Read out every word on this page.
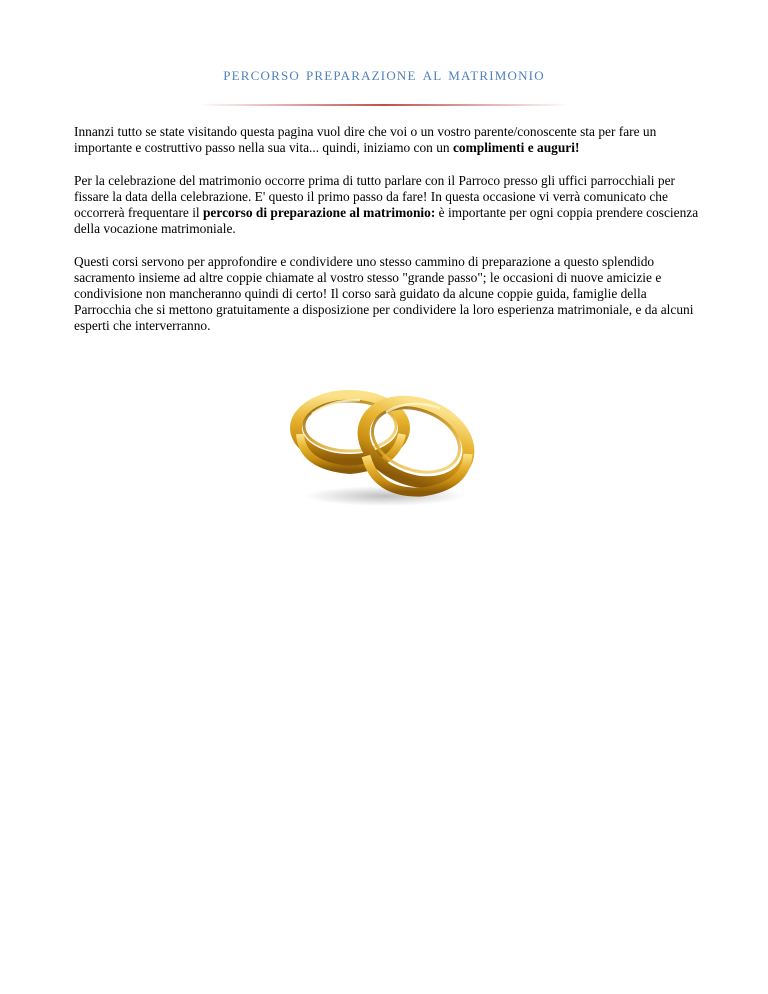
percorso preparazione al matrimonio

Innanzi tutto se state visitando questa pagina vuol dire che voi o un vostro parente/conoscente sta per fare un importante e costruttivo passo nella sua vita... quindi, iniziamo con un complimenti e auguri!

Per la celebrazione del matrimonio occorre prima di tutto parlare con il Parroco presso gli uffici parrocchiali per fissare la data della celebrazione. E' questo il primo passo da fare! In questa occasione vi verrà comunicato che occorrerà frequentare il percorso di preparazione al matrimonio: è importante per ogni coppia prendere coscienza della vocazione matrimoniale.

Questi corsi servono per approfondire e condividere uno stesso cammino di preparazione a questo splendido sacramento insieme ad altre coppie chiamate al vostro stesso "grande passo"; le occasioni di nuove amicizie e condivisione non mancheranno quindi di certo! Il corso sarà guidato da alcune coppie guida, famiglie della Parrocchia che si mettono gratuitamente a disposizione per condividere la loro esperienza matrimoniale, e da alcuni esperti che interverranno.
